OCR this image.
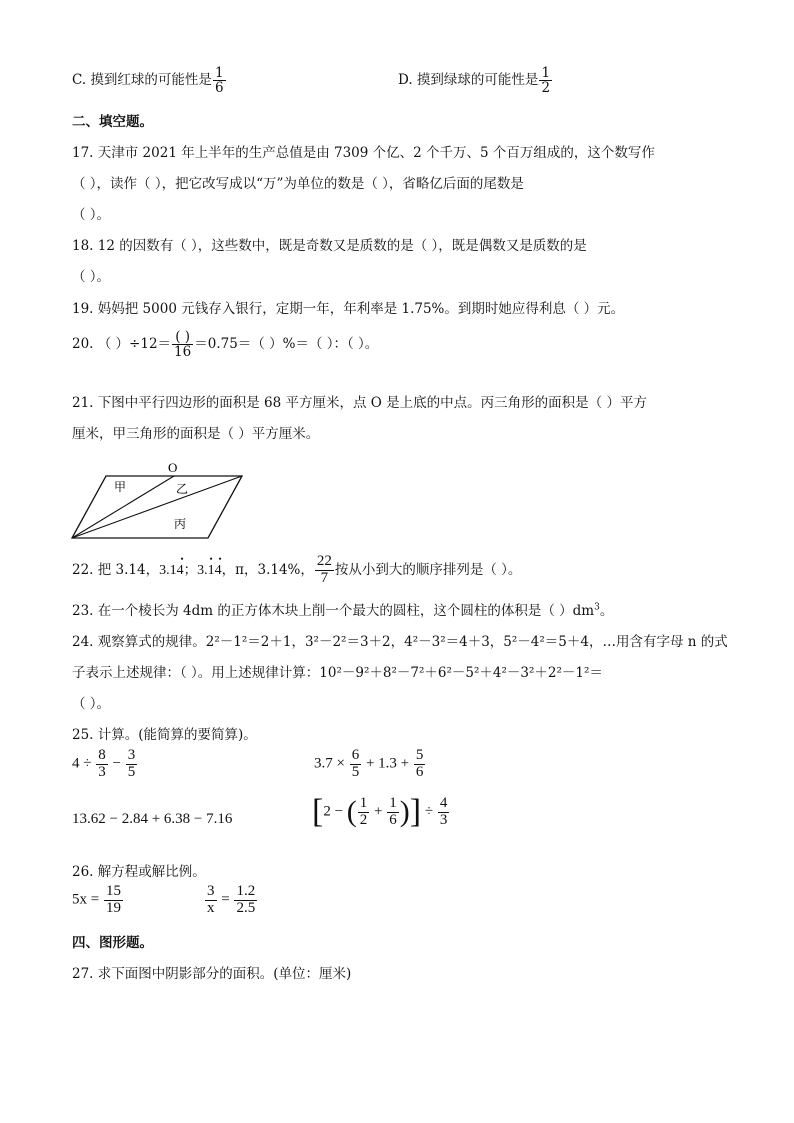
C. 摸到红球的可能性是 $\frac{1}{6}$	D. 摸到绿球的可能性是 $\frac{1}{2}$
二、填空题。
17. 天津市 2021 年上半年的生产总值是由 7309 个亿、2 个千万、5 个百万组成的，这个数写作
（ ），读作（ ），把它改写成以“万”为单位的数是（ ），省略亿后面的尾数是
（ ）。
18. 12 的因数有（ ），这些数中，既是奇数又是质数的是（ ），既是偶数又是质数的是
（ ）。
19. 妈妈把 5000 元钱存入银行，定期一年，年利率是 1.75%。到期时她应得利息（ ）元。
20. （ ）$\div 12= \frac{( )}{16} =0.75=$（ ）%＝（ ）：（ ）。
21. 下图中平行四边形的面积是 68 平方厘米，点 O 是上底的中点。丙三角形的面积是（ ）平方
厘米，甲三角形的面积是（ ）平方厘米。
O
甲	乙
丙
22. 把 3.14，3.14
•
；3.14
• •
，π，3.14%， $\frac{22}{7}$ 按从小到大的顺序排列是（ ）。
23. 在一个棱长为 4dm 的正方体木块上削一个最大的圆柱，这个圆柱的体积是（ ）$dm^3$。
24. 观察算式的规律。2²－1²＝2＋1，3²－2²＝3＋2，4²－3²＝4＋3，5²－4²＝5＋4，…用含有字母 n 的式
子表示上述规律：（ ）。用上述规律计算：10²－9²＋8²－7²＋6²－5²＋4²－3²＋2²－1²＝
（ ）。
25. 计算。(能简算的要简算)。
$4 \div \frac{8}{3} - \frac{3}{5}$	$3.7 \times \frac{6}{5} + 1.3 + \frac{5}{6}$
13.62 − 2.84 + 6.38 − 7.16 [2 − ( $\frac{1}{2} + \frac{1}{6}$ )] ÷ $\frac{4}{3}$
26. 解方程或解比例。
$5x = \frac{15}{19}$	$\frac{3}{x} = \frac{1.2}{2.5}$
四、图形题。
27. 求下面图中阴影部分的面积。(单位：厘米)
